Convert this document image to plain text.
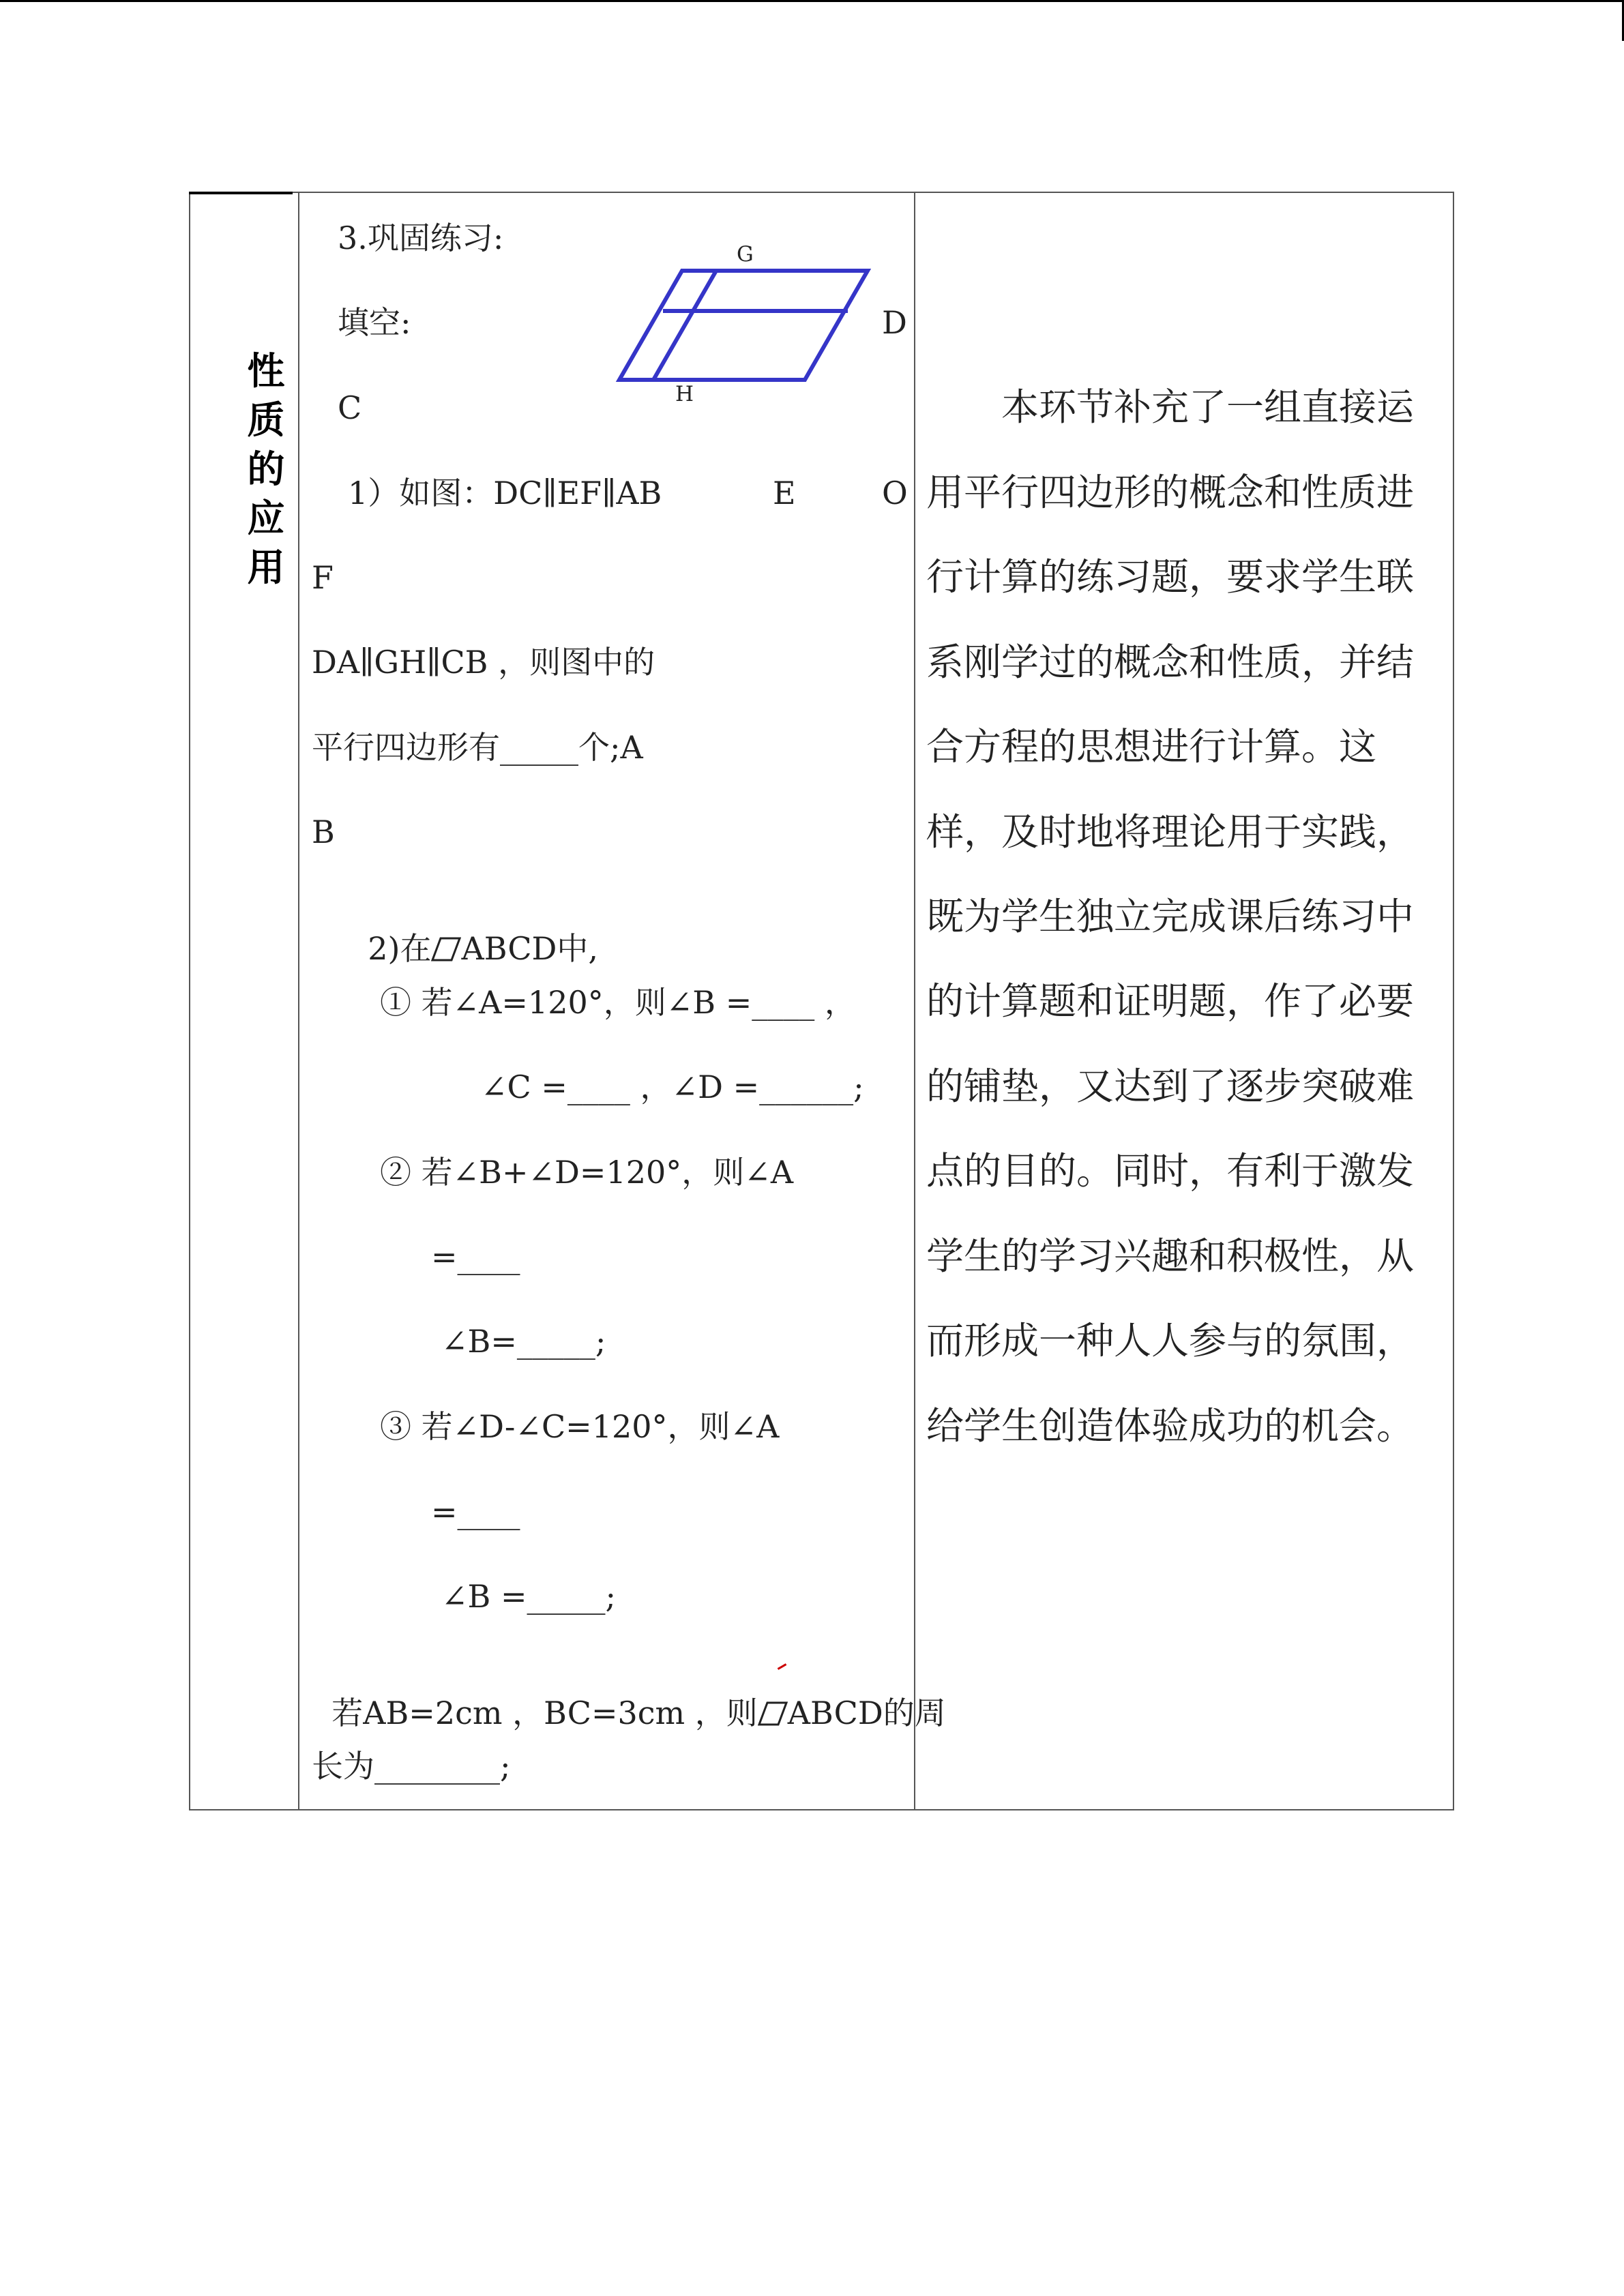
性
质
的
应
用
G
H
3.巩固练习:
填空:	D
C
1）如图：DC∥EF∥AB	E	O
F
DA∥GH∥CB ，则图中的
平行四边形有_____个;A
B

2)在 ABCD中,

① 若∠A=120°，则∠B =____ ，
∠C =____ ，∠D =______;
② 若∠B+∠D=120°，则∠A
=____
∠B=_____;
③ 若∠D-∠C=120°，则∠A
=____
∠B =_____;

若AB=2cm ，BC=3cm ，则 ABCD的周

长为________;
本环节补充了一组直接运
用平行四边形的概念和性质进
行计算的练习题，要求学生联
系刚学过的概念和性质，并结
合方程的思想进行计算。这
样，及时地将理论用于实践，
既为学生独立完成课后练习中
的计算题和证明题，作了必要
的铺垫，又达到了逐步突破难
点的目的。同时，有利于激发
学生的学习兴趣和积极性，从
而形成一种人人参与的氛围，
给学生创造体验成功的机会。
